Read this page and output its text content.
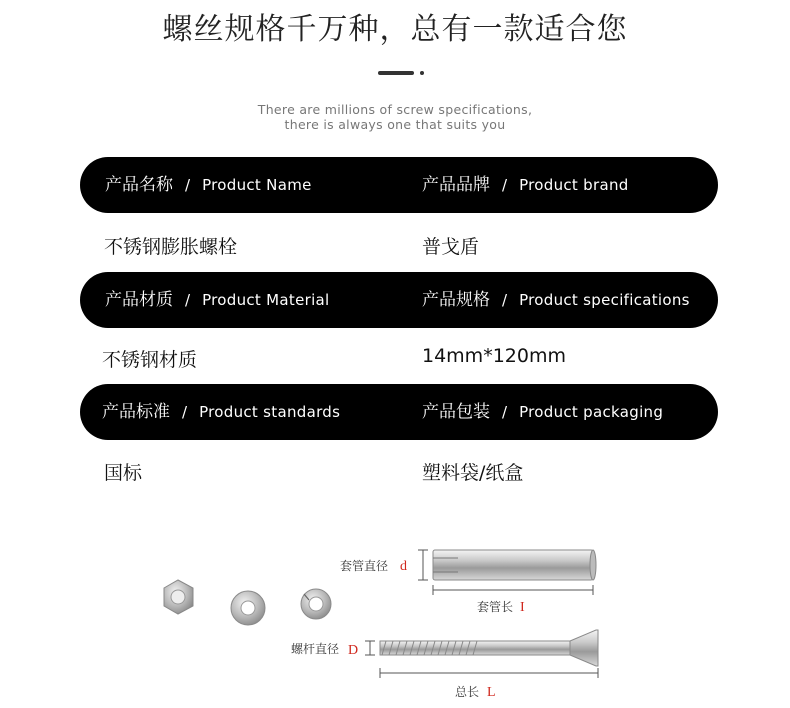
螺丝规格千万种，总有一款适合您
There are millions of screw specifications,
there is always one that suits you
产品名称 / Product Name	产品品牌 / Product brand
不锈钢膨胀螺栓	普戈盾
产品材质 / Product Material	产品规格 / Product specifications
不锈钢材质	14mm*120mm
产品标准 / Product standards	产品包装 / Product packaging
国标	塑料袋/纸盒
套管直径 d
套管长 I
螺杆直径 D
总长 L
